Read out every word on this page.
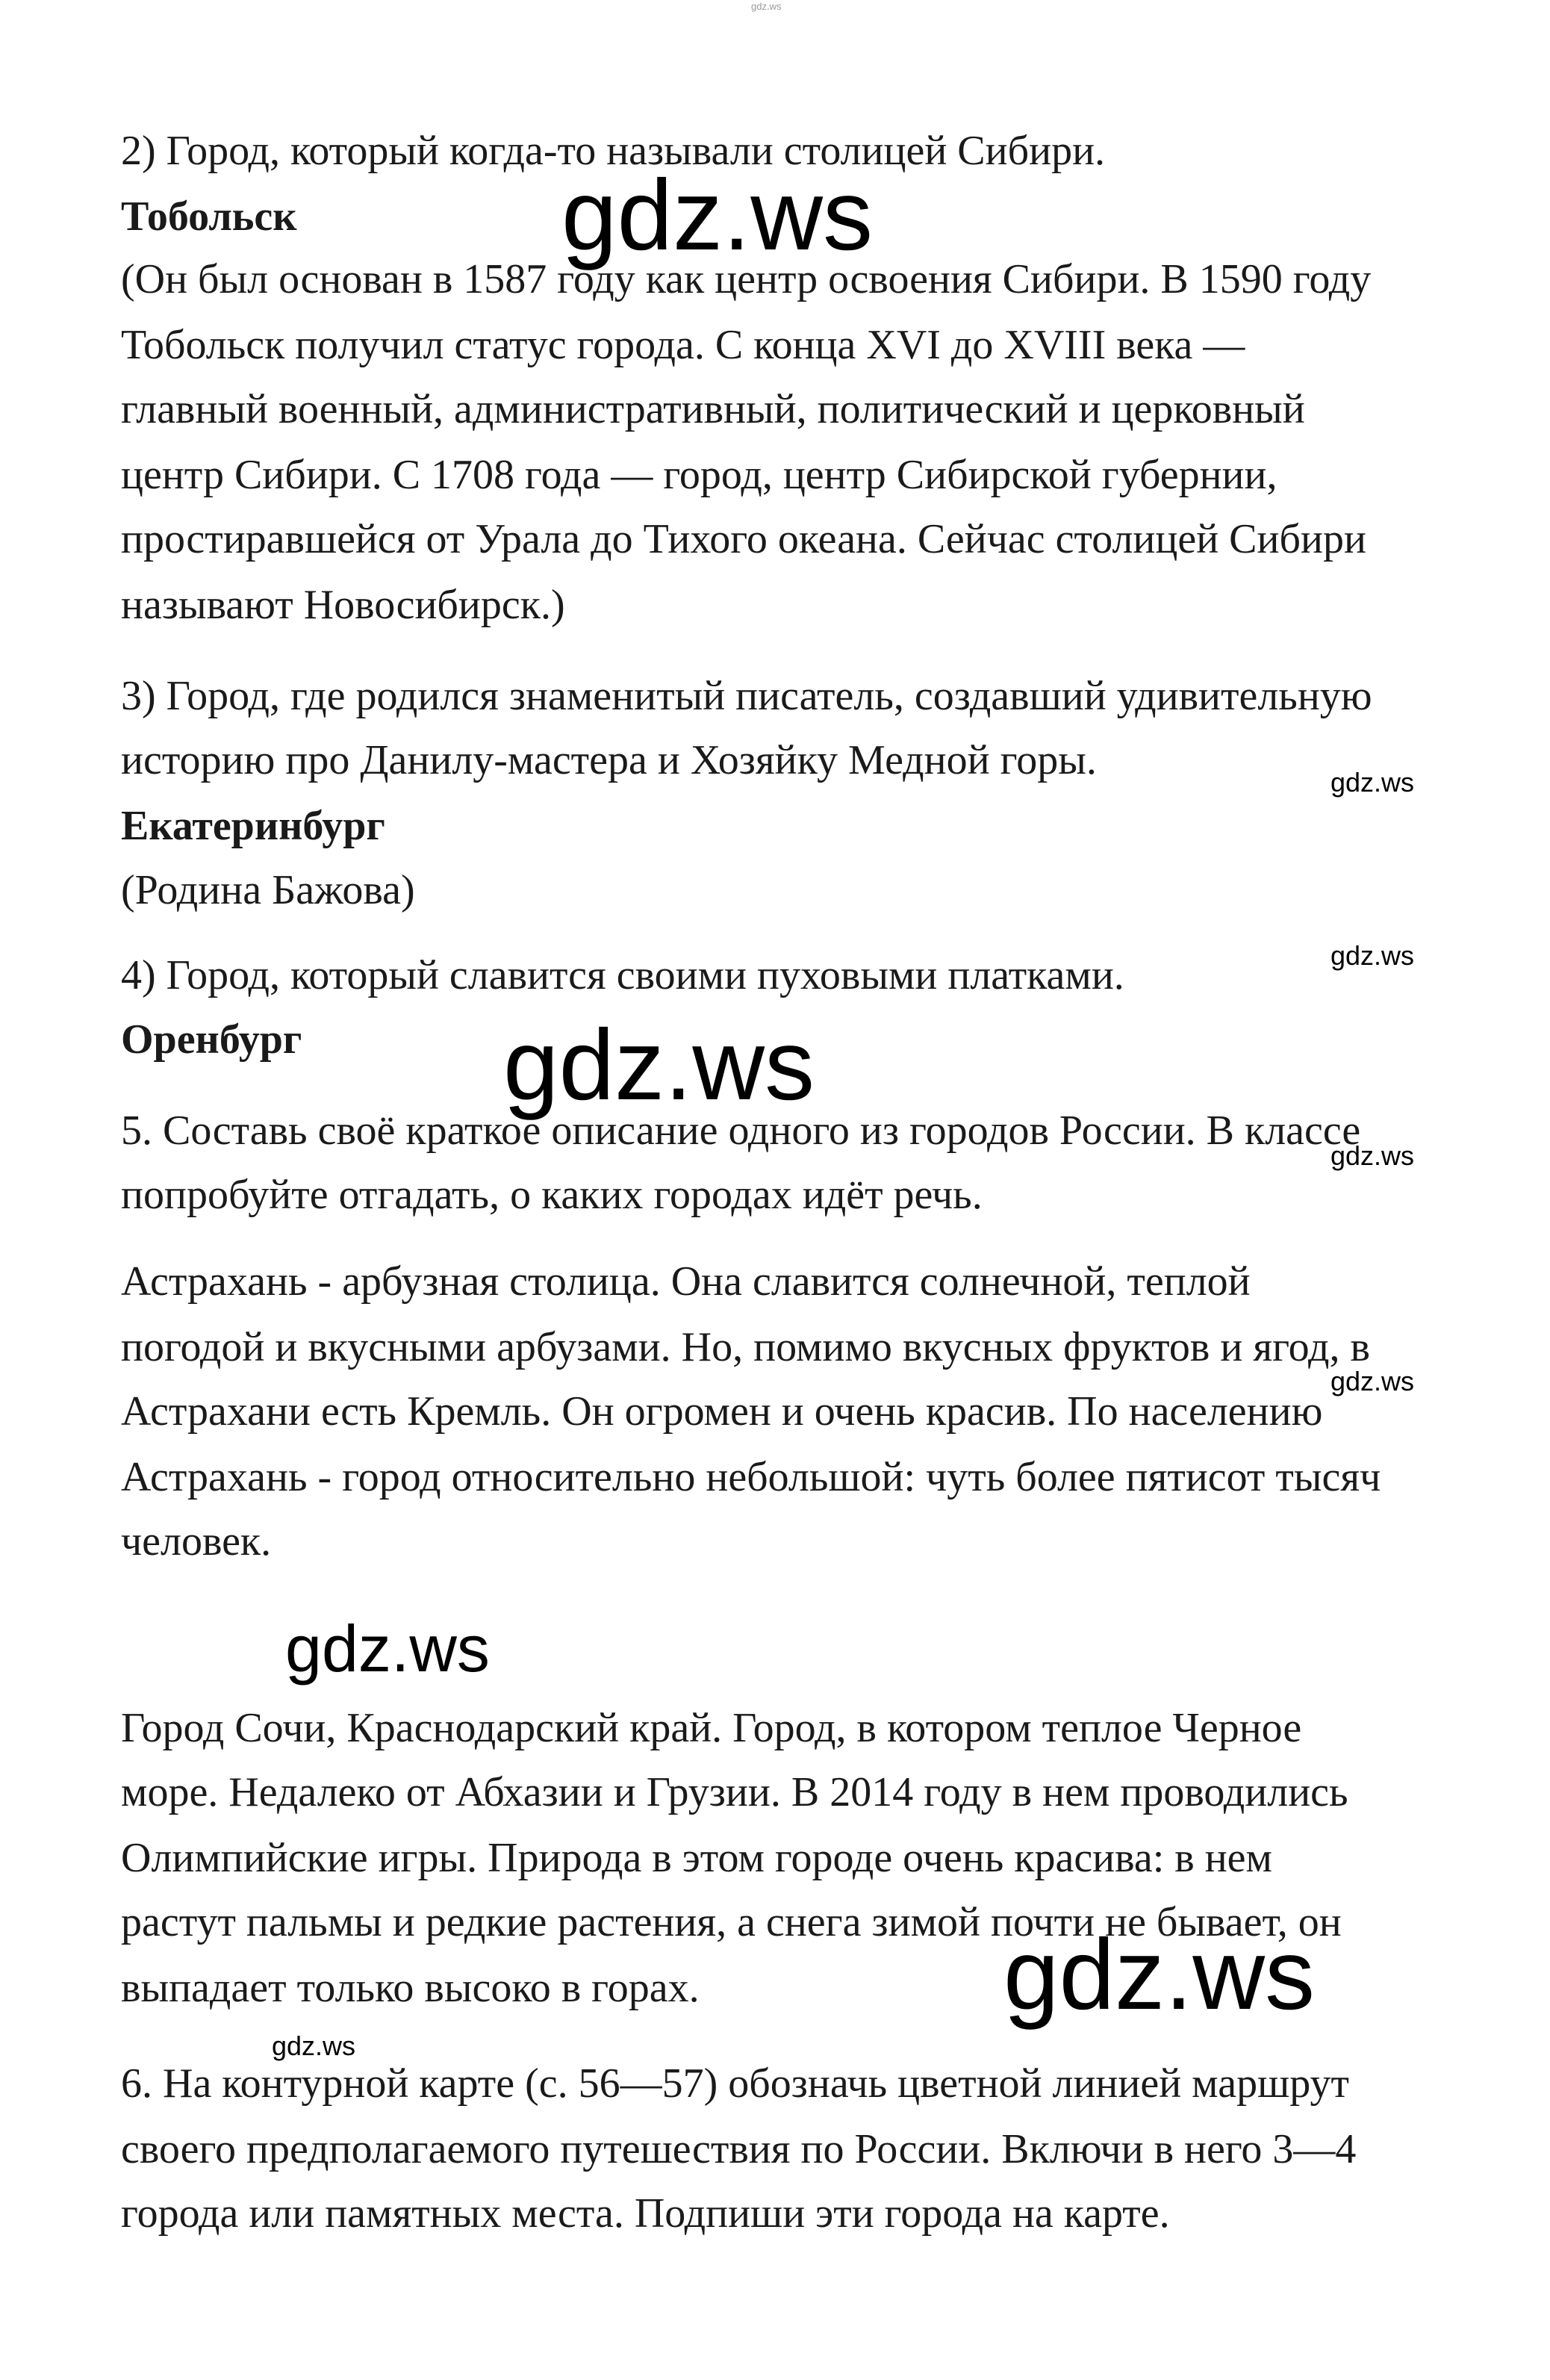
gdz.ws
2) Город, который когда-то называли столицей Сибири.
Тобольск
(Он был основан в 1587 году как центр освоения Сибири. В 1590 году
Тобольск получил статус города. С конца XVI до XVIII века —
главный военный, административный, политический и церковный
центр Сибири. С 1708 года — город, центр Сибирской губернии,
простиравшейся от Урала до Тихого океана. Сейчас столицей Сибири
называют Новосибирск.)
3) Город, где родился знаменитый писатель, создавший удивительную
историю про Данилу-мастера и Хозяйку Медной горы.
Екатеринбург
(Родина Бажова)
4) Город, который славится своими пуховыми платками.
Оренбург
5. Составь своё краткое описание одного из городов России. В классе
попробуйте отгадать, о каких городах идёт речь.
Астрахань - арбузная столица. Она славится солнечной, теплой
погодой и вкусными арбузами. Но, помимо вкусных фруктов и ягод, в
Астрахани есть Кремль. Он огромен и очень красив. По населению
Астрахань - город относительно небольшой: чуть более пятисот тысяч
человек.
Город Сочи, Краснодарский край. Город, в котором теплое Черное
море. Недалеко от Абхазии и Грузии. В 2014 году в нем проводились
Олимпийские игры. Природа в этом городе очень красива: в нем
растут пальмы и редкие растения, а снега зимой почти не бывает, он
выпадает только высоко в горах.
6. На контурной карте (с. 56—57) обозначь цветной линией маршрут
своего предполагаемого путешествия по России. Включи в него 3—4
города или памятных места. Подпиши эти города на карте.
gdz.ws
gdz.ws
gdz.ws
gdz.ws
gdz.ws
gdz.ws
gdz.ws
gdz.ws
gdz.ws
